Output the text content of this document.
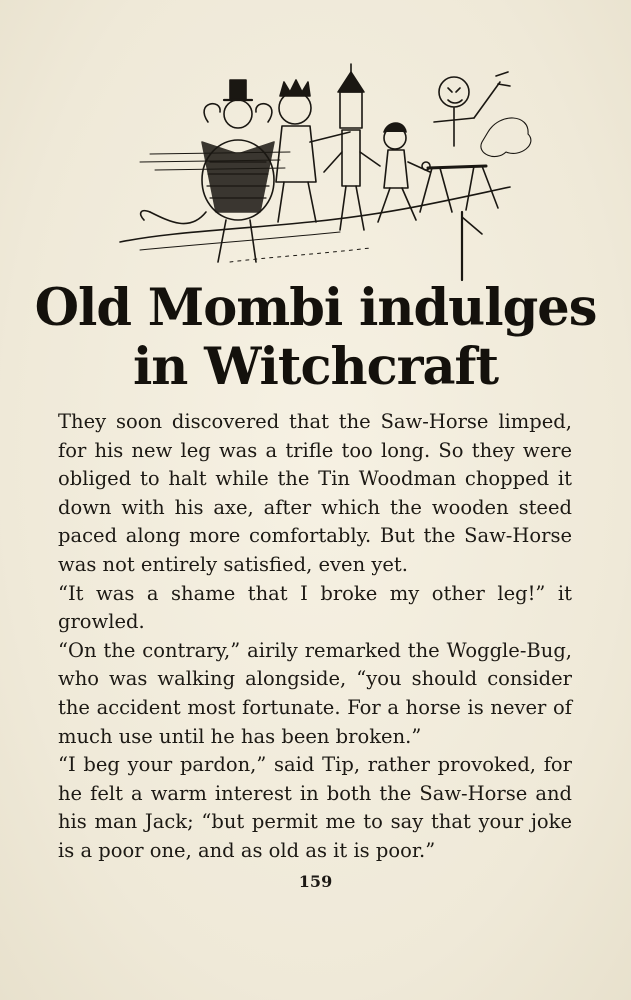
Old Mombi indulges
in Witchcraft

They soon discovered that the Saw-Horse limped, for his new leg was a trifle too long. So they were obliged to halt while the Tin Woodman chopped it down with his axe, after which the wooden steed paced along more comfortably. But the Saw-Horse was not entirely satisfied, even yet.

“It was a shame that I broke my other leg!” it growled.

“On the contrary,” airily remarked the Woggle-Bug, who was walking alongside, “you should consider the accident most fortunate. For a horse is never of much use until he has been broken.”

“I beg your pardon,” said Tip, rather provoked, for he felt a warm interest in both the Saw-Horse and his man Jack; “but permit me to say that your joke is a poor one, and as old as it is poor.”

159
